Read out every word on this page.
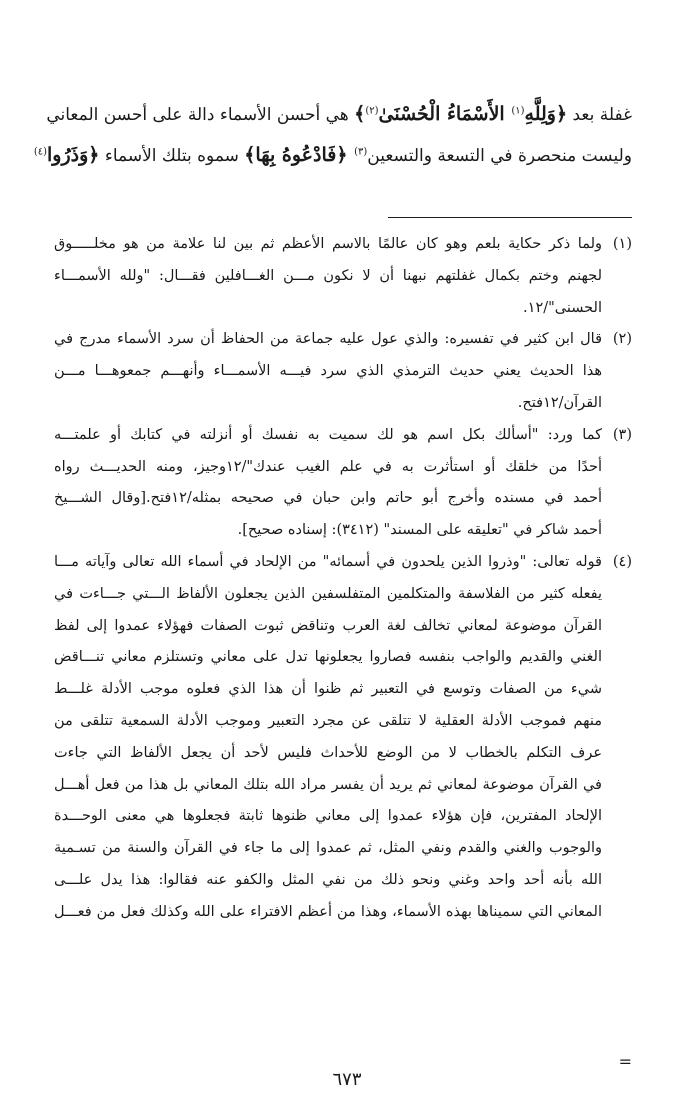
غفلة بعد ﴿وَلِلَّهِ$^{(١)}$ الأَسْمَاءُ الْحُسْنَىٰ$^{(٢)}$﴾ هي أحسن الأسماء دالة على أحسن المعاني
وليست منحصرة في التسعة والتسعين$^{(٣)}$ ﴿فَادْعُوهُ بِهَا﴾ سموه بتلك الأسماء ﴿وَذَرُوا$^{(٤)}$
(١)
ولما ذكر حكاية بلعم وهو كان عالمًا بالاسم الأعظم ثم بين لنا علامة من هو مخلـــــوق
لجهنم وختم بكمال غفلتهم نبهنا أن لا نكون مـــن الغـــافلين فقـــال: "ولله الأسمـــاء
الحسنى"/١٢.
(٢)
قال ابن كثير في تفسيره: والذي عول عليه جماعة من الحفاظ أن سرد الأسماء مدرج في
هذا الحديث يعني حديث الترمذي الذي سرد فيـــه الأسمـــاء وأنهـــم جمعوهـــا مـــن
القرآن/١٢فتح.
(٣)
كما ورد: "أسألك بكل اسم هو لك سميت به نفسك أو أنزلته في كتابك أو علمتـــه
أحدًا من خلقك أو استأثرت به في علم الغيب عندك"/١٢وجيز، ومنه الحديـــث رواه
أحمد في مسنده وأخرج أبو حاتم وابن حبان في صحيحه بمثله/١٢فتح.[وقال الشـــيخ
أحمد شاكر في "تعليقه على المسند" (٣٤١٢): إسناده صحيح].
(٤)
قوله تعالى: "وذروا الذين يلحدون في أسمائه" من الإلحاد في أسماء الله تعالى وآياته مـــا
يفعله كثير من الفلاسفة والمتكلمين المتفلسفين الذين يجعلون الألفاظ الـــتي جـــاءت في
القرآن موضوعة لمعاني تخالف لغة العرب وتناقض ثبوت الصفات فهؤلاء عمدوا إلى لفظ
الغني والقديم والواجب بنفسه فصاروا يجعلونها تدل على معاني وتستلزم معاني تنـــاقض
شيء من الصفات وتوسع في التعبير ثم ظنوا أن هذا الذي فعلوه موجب الأدلة غلـــط
منهم فموجب الأدلة العقلية لا تتلقى عن مجرد التعبير وموجب الأدلة السمعية تتلقى من
عرف التكلم بالخطاب لا من الوضع للأحداث فليس لأحد أن يجعل الألفاظ التي جاءت
في القرآن موضوعة لمعاني ثم يريد أن يفسر مراد الله بتلك المعاني بل هذا من فعل أهـــل
الإلحاد المفترين، فإن هؤلاء عمدوا إلى معاني ظنوها ثابتة فجعلوها هي معنى الوحـــدة
والوجوب والغني والقدم ونفي المثل، ثم عمدوا إلى ما جاء في القرآن والسنة من تسـمية
الله بأنه أحد واحد وغني ونحو ذلك من نفي المثل والكفو عنه فقالوا: هذا يدل علـــى
المعاني التي سميناها بهذه الأسماء، وهذا من أعظم الافتراء على الله وكذلك فعل من فعـــل
=
٦٧٣
